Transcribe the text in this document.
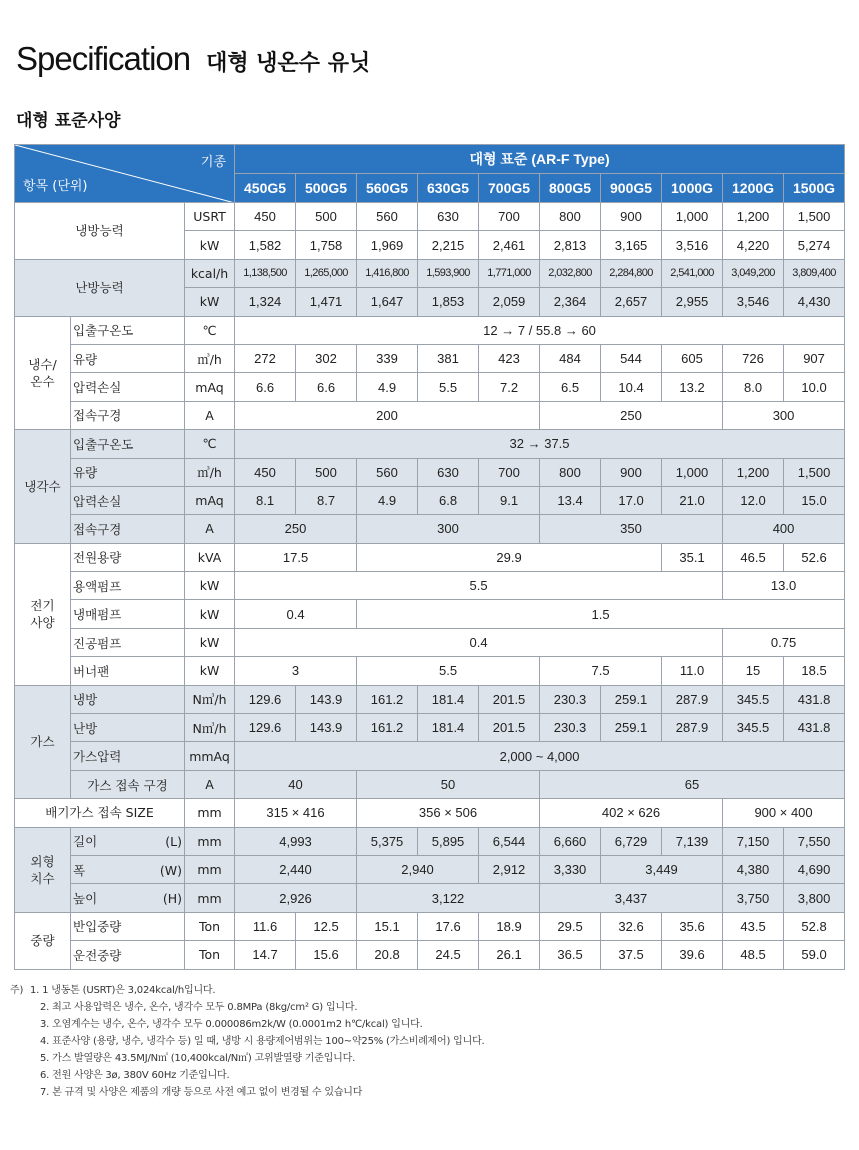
Specification 대형 냉온수 유닛
대형 표준사양
기종
항목 (단위)			대형 표준 (AR-F Type)									
			450G5	500G5	560G5	630G5	700G5	800G5	900G5	1000G	1200G	1500G
냉방능력		USRT	450	500	560	630	700	800	900	1,000	1,200	1,500
		kW	1,582	1,758	1,969	2,215	2,461	2,813	3,165	3,516	4,220	5,274
난방능력		kcal/h	1,138,500	1,265,000	1,416,800	1,593,900	1,771,000	2,032,800	2,284,800	2,541,000	3,049,200	3,809,400
		kW	1,324	1,471	1,647	1,853	2,059	2,364	2,657	2,955	3,546	4,430
냉수/
온수	입출구온도	℃	12 → 7 / 55.8 → 60									
	유량	㎥/h	272	302	339	381	423	484	544	605	726	907
	압력손실	mAq	6.6	6.6	4.9	5.5	7.2	6.5	10.4	13.2	8.0	10.0
	접속구경	A	200					250			300	
냉각수	입출구온도	℃	32 → 37.5									
	유량	㎥/h	450	500	560	630	700	800	900	1,000	1,200	1,500
	압력손실	mAq	8.1	8.7	4.9	6.8	9.1	13.4	17.0	21.0	12.0	15.0
	접속구경	A	250		300			350			400	
전기
사양	전원용량	kVA	17.5		29.9					35.1	46.5	52.6
	용액펌프	kW	5.5								13.0	
	냉매펌프	kW	0.4		1.5							
	진공펌프	kW	0.4								0.75	
	버너팬	kW	3		5.5			7.5		11.0	15	18.5
가스	냉방	N㎥/h	129.6	143.9	161.2	181.4	201.5	230.3	259.1	287.9	345.5	431.8
	난방	N㎥/h	129.6	143.9	161.2	181.4	201.5	230.3	259.1	287.9	345.5	431.8
	가스압력	mmAq	2,000 ~ 4,000									
	가스 접속 구경	A	40		50			65				
배기가스 접속 SIZE		mm	315 × 416		356 × 506			402 × 626			900 × 400	
외형
치수	길이 (L)	mm	4,993		5,375	5,895	6,544	6,660	6,729	7,139	7,150	7,550
	폭 (W)	mm	2,440		2,940		2,912	3,330	3,449		4,380	4,690
	높이 (H)	mm	2,926		3,122			3,437			3,750	3,800
중량	반입중량	Ton	11.6	12.5	15.1	17.6	18.9	29.5	32.6	35.6	43.5	52.8
	운전중량	Ton	14.7	15.6	20.8	24.5	26.1	36.5	37.5	39.6	48.5	59.0
주) 1. 1 냉동톤 (USRT)은 3,024kcal/h입니다.
2. 최고 사용압력은 냉수, 온수, 냉각수 모두 0.8MPa (8kg/cm² G) 입니다.
3. 오염계수는 냉수, 온수, 냉각수 모두 0.000086m2k/W (0.0001m2 h℃/kcal) 입니다.
4. 표준사양 (용량, 냉수, 냉각수 등) 일 때, 냉방 시 용량제어범위는 100~약25% (가스비례제어) 입니다.
5. 가스 발열량은 43.5MJ/N㎥ (10,400kcal/N㎥) 고위발열량 기준입니다.
6. 전원 사양은 3ø, 380V 60Hz 기준입니다.
7. 본 규격 및 사양은 제품의 개량 등으로 사전 예고 없이 변경될 수 있습니다
